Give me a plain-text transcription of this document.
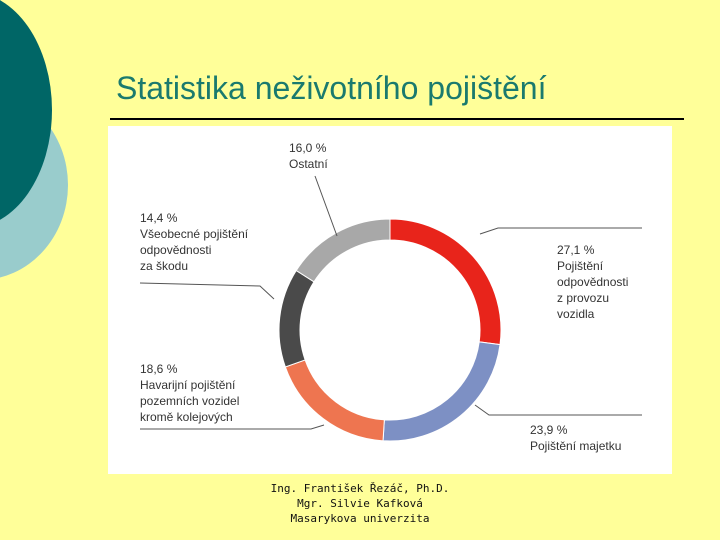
Statistika neživotního pojištění
27,1 %
Pojištění
odpovědnosti
z provozu
vozidla
23,9 %
Pojištění majetku
18,6 %
Havarijní pojištění
pozemních vozidel
kromě kolejových
14,4 %
Všeobecné pojištění
odpovědnosti
za škodu
16,0 %
Ostatní
Ing. František Řezáč, Ph.D.
Mgr. Silvie Kafková
Masarykova univerzita
